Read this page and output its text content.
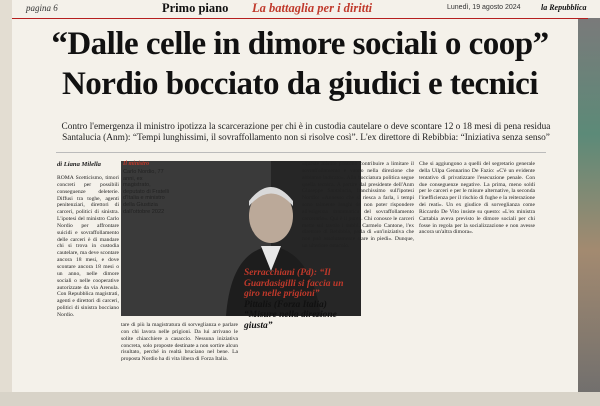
pagina 6	Primo piano La battaglia per i diritti	Lunedì, 19 agosto 2024	la Repubblica
“Dalle celle in dimore sociali o coop”
Nordio bocciato da giudici e tecnici
Contro l'emergenza il ministro ipotizza la scarcerazione per chi è in custodia cautelare o deve scontare 12 o 18 mesi di pena residua Santalucia (Anm): “Tempi lunghissimi, il sovraffollamento non si risolve così”. L'ex direttore di Rebibbia: “Iniziativa senza senso”
di Liana Milella
ROMA Scetticismo, timori concreti per possibili conseguenze deleterie. Diffusi tra toghe, agenti penitenziari, direttori di carceri, politici di sinistra. L'ipotesi del ministro Carlo Nordio per affrontare suicidi e sovraffollamento delle carceri è di mandare chi si trova in custodia cautelare, ma deve scontare ancora 18 mesi, e dove scontare ancora 18 mesi o un anno, nelle dimore sociali o nelle cooperative autorizzate da via Arenula. Con Repubblica magistrati, agenti e direttori di carceri, politici di sinistra bocciano Nordio.
Il ministro
Carlo Nordio, 77 anni, ex magistrato, deputato di Fratelli d'Italia e ministro della Giustizia dall'ottobre 2022
tare di più la magistratura di sorveglianza e parlare con chi lavora nelle prigioni. Da lui arrivano le solite chiacchiere a casaccio. Nessuna iniziativa concreta, solo proposte destinate a non sortire alcun risultato, perché in realtà bruciano nel bene. La proposta Nordio ha di vita libera di Forza Italia.
Serracchiani (Pd): “Il Guardasigilli si faccia un giro nelle prigioni”
Pittalis (Forza Italia) “Misure nella direzione giusta”
«queste misure possono contribuire a limitare il sovraffollamento e vanno nella direzione che abbiamo indicato». Alla bocciatura politica segue quella tecnica. A partire dal presidente dell'Anm Giuseppe Santalucia, franchissimo sull'ipotesi Nordio: «Annesso che si riesca a farla, i tempi sono talmente lunghi da non poter rispondere all'esigenza drammatica del sovraffollamento carcerario». Qui è il punto. Chi conosce le carceri mette sul tavolo i dubbi. Carmelo Cantone, l'ex direttore di Rebibbia, parla di «un'iniziativa che non può assolutamente stare in piedi». Dunque, un ulteriore ostacolo.
Che si aggiungono a quelli del segretario generale della Uilpa Gennarino De Fazio: «C'è un evidente tentativo di privatizzare l'esecuzione penale. Con due conseguenze negative. La prima, meno soldi per le carceri e per le misure alternative, la seconda l'inefficienza per il rischio di fughe e la reiterazione dei reati». Un ex giudice di sorveglianza come Riccardo De Vito insiste su questo: «L'ex ministra Cartabia aveva previsto le dimore sociali per chi fosse in regola per la socializzazione e non avesse ancora un'altra dimora».
